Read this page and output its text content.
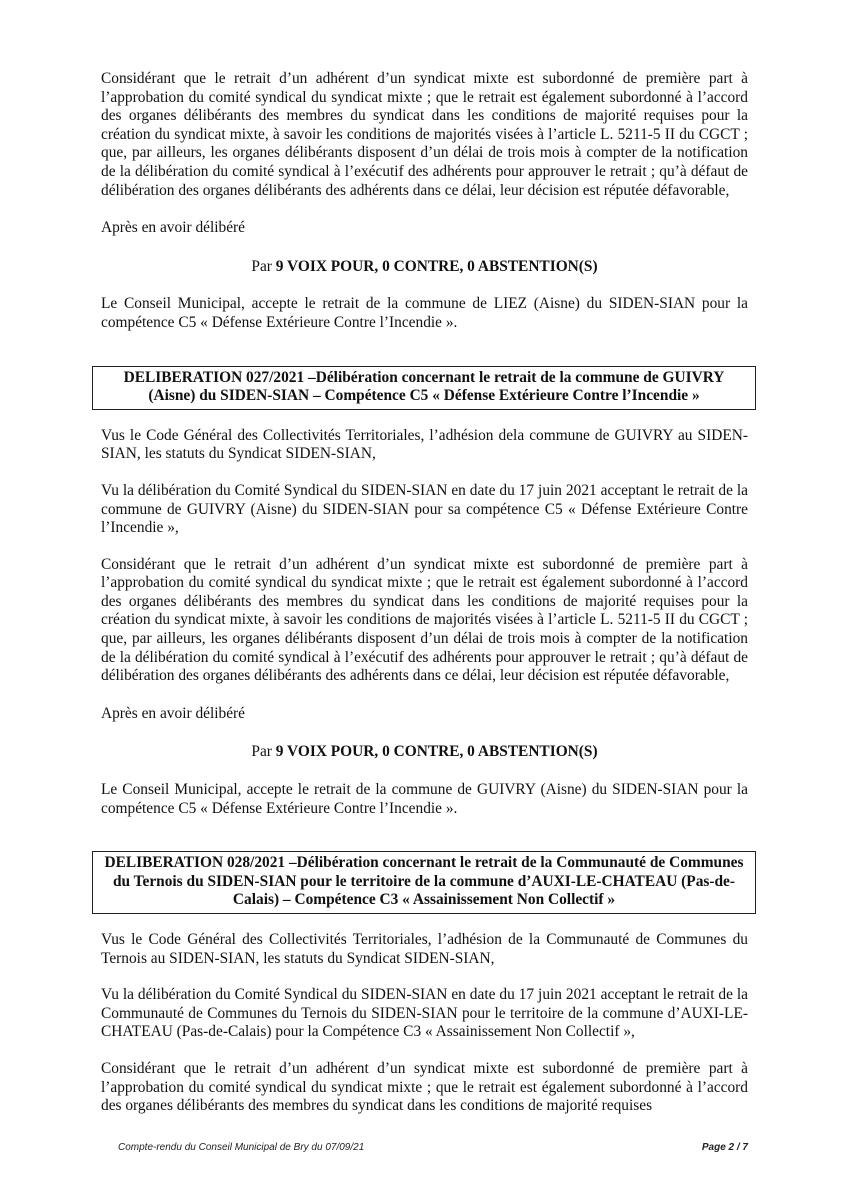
Considérant que le retrait d’un adhérent d’un syndicat mixte est subordonné de première part à l’approbation du comité syndical du syndicat mixte ; que le retrait est également subordonné à l’accord des organes délibérants des membres du syndicat dans les conditions de majorité requises pour la création du syndicat mixte, à savoir les conditions de majorités visées à l’article L. 5211-5 II du CGCT ; que, par ailleurs, les organes délibérants disposent d’un délai de trois mois à compter de la notification de la délibération du comité syndical à l’exécutif des adhérents pour approuver le retrait ; qu’à défaut de délibération des organes délibérants des adhérents dans ce délai, leur décision est réputée défavorable,

Après en avoir délibéré

Par 9 VOIX POUR, 0 CONTRE, 0 ABSTENTION(S)

Le Conseil Municipal, accepte le retrait de la commune de LIEZ (Aisne) du SIDEN-SIAN pour la compétence C5 « Défense Extérieure Contre l’Incendie ».

DELIBERATION 027/2021 –Délibération concernant le retrait de la commune de GUIVRY (Aisne) du SIDEN-SIAN – Compétence C5 « Défense Extérieure Contre l’Incendie »

Vus le Code Général des Collectivités Territoriales, l’adhésion dela commune de GUIVRY au SIDEN-SIAN, les statuts du Syndicat SIDEN-SIAN,

Vu la délibération du Comité Syndical du SIDEN-SIAN en date du 17 juin 2021 acceptant le retrait de la commune de GUIVRY (Aisne) du SIDEN-SIAN pour sa compétence C5 « Défense Extérieure Contre l’Incendie »,

Considérant que le retrait d’un adhérent d’un syndicat mixte est subordonné de première part à l’approbation du comité syndical du syndicat mixte ; que le retrait est également subordonné à l’accord des organes délibérants des membres du syndicat dans les conditions de majorité requises pour la création du syndicat mixte, à savoir les conditions de majorités visées à l’article L. 5211-5 II du CGCT ; que, par ailleurs, les organes délibérants disposent d’un délai de trois mois à compter de la notification de la délibération du comité syndical à l’exécutif des adhérents pour approuver le retrait ; qu’à défaut de délibération des organes délibérants des adhérents dans ce délai, leur décision est réputée défavorable,

Après en avoir délibéré

Par 9 VOIX POUR, 0 CONTRE, 0 ABSTENTION(S)

Le Conseil Municipal, accepte le retrait de la commune de GUIVRY (Aisne) du SIDEN-SIAN pour la compétence C5 « Défense Extérieure Contre l’Incendie ».

DELIBERATION 028/2021 –Délibération concernant le retrait de la Communauté de Communes du Ternois du SIDEN-SIAN pour le territoire de la commune d’AUXI-LE-CHATEAU (Pas-de-Calais) – Compétence C3 « Assainissement Non Collectif »

Vus le Code Général des Collectivités Territoriales, l’adhésion de la Communauté de Communes du Ternois au SIDEN-SIAN, les statuts du Syndicat SIDEN-SIAN,

Vu la délibération du Comité Syndical du SIDEN-SIAN en date du 17 juin 2021 acceptant le retrait de la Communauté de Communes du Ternois du SIDEN-SIAN pour le territoire de la commune d’AUXI-LE-CHATEAU (Pas-de-Calais) pour la Compétence C3 « Assainissement Non Collectif »,

Considérant que le retrait d’un adhérent d’un syndicat mixte est subordonné de première part à l’approbation du comité syndical du syndicat mixte ; que le retrait est également subordonné à l’accord des organes délibérants des membres du syndicat dans les conditions de majorité requises

Compte-rendu du Conseil Municipal de Bry du 07/09/21	Page 2 / 7
